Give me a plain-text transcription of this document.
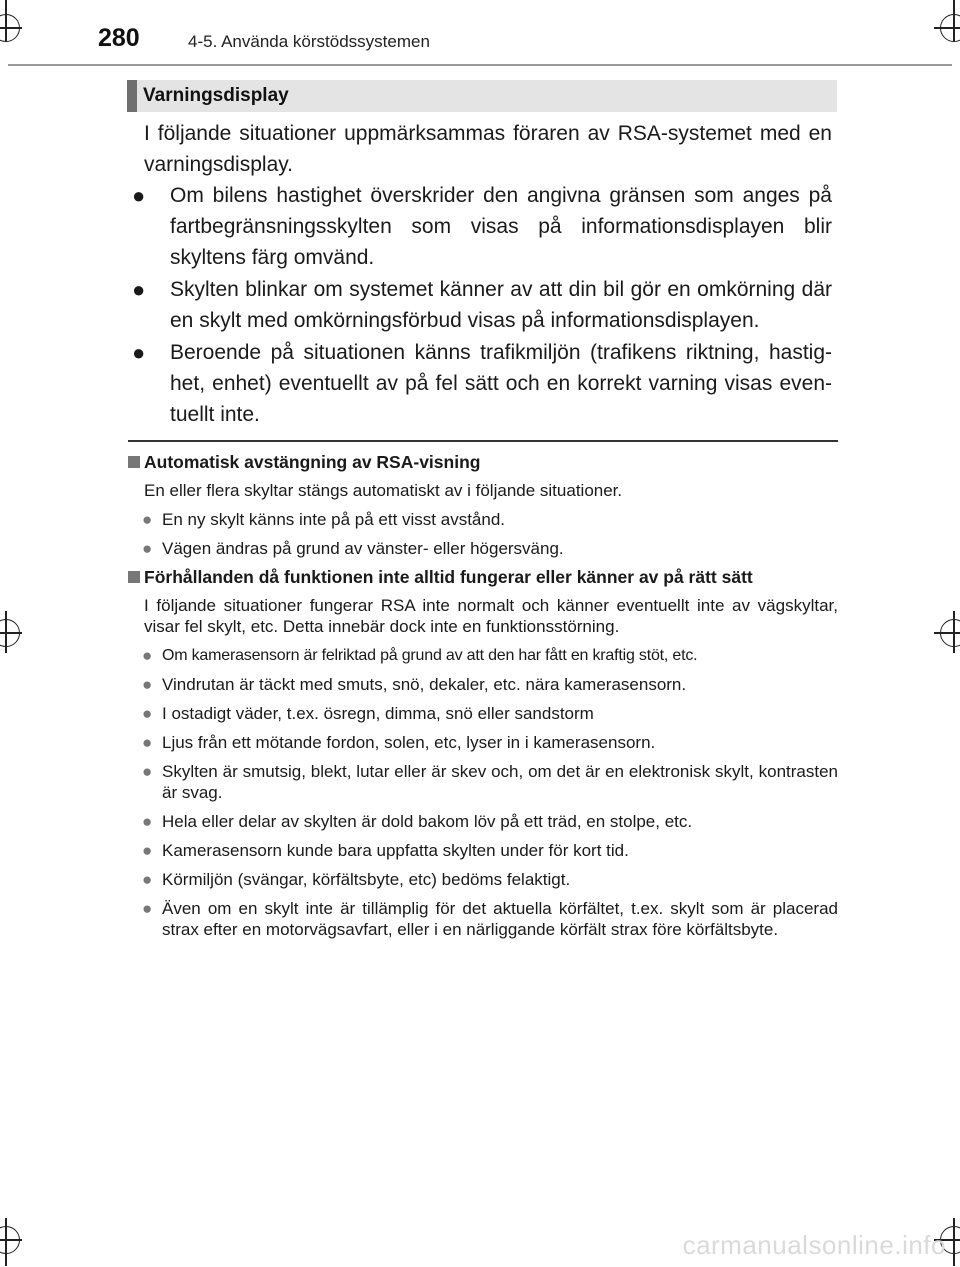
280	4-5. Använda körstödssystemen
Varningsdisplay
I följande situationer uppmärksammas föraren av RSA-systemet med en varningsdisplay.
● Om bilens hastighet överskrider den angivna gränsen som anges på fartbegränsningsskylten som visas på informationsdisplayen blir skyltens färg omvänd.
● Skylten blinkar om systemet känner av att din bil gör en omkörning där en skylt med omkörningsförbud visas på informationsdisplayen.
● Beroende på situationen känns trafikmiljön (trafikens riktning, hastig-het, enhet) eventuellt av på fel sätt och en korrekt varning visas even-tuellt inte.
Automatisk avstängning av RSA-visning
En eller flera skyltar stängs automatiskt av i följande situationer.
● En ny skylt känns inte på på ett visst avstånd.
● Vägen ändras på grund av vänster- eller högersväng.
Förhållanden då funktionen inte alltid fungerar eller känner av på rätt sätt
I följande situationer fungerar RSA inte normalt och känner eventuellt inte av vägskyltar, visar fel skylt, etc. Detta innebär dock inte en funktionsstörning.
● Om kamerasensorn är felriktad på grund av att den har fått en kraftig stöt, etc.
● Vindrutan är täckt med smuts, snö, dekaler, etc. nära kamerasensorn.
● I ostadigt väder, t.ex. ösregn, dimma, snö eller sandstorm
● Ljus från ett mötande fordon, solen, etc, lyser in i kamerasensorn.
● Skylten är smutsig, blekt, lutar eller är skev och, om det är en elektronisk skylt, kontrasten är svag.
● Hela eller delar av skylten är dold bakom löv på ett träd, en stolpe, etc.
● Kamerasensorn kunde bara uppfatta skylten under för kort tid.
● Körmiljön (svängar, körfältsbyte, etc) bedöms felaktigt.
● Även om en skylt inte är tillämplig för det aktuella körfältet, t.ex. skylt som är placerad strax efter en motorvägsavfart, eller i en närliggande körfält strax före körfältsbyte.
carmanualsonline.info
